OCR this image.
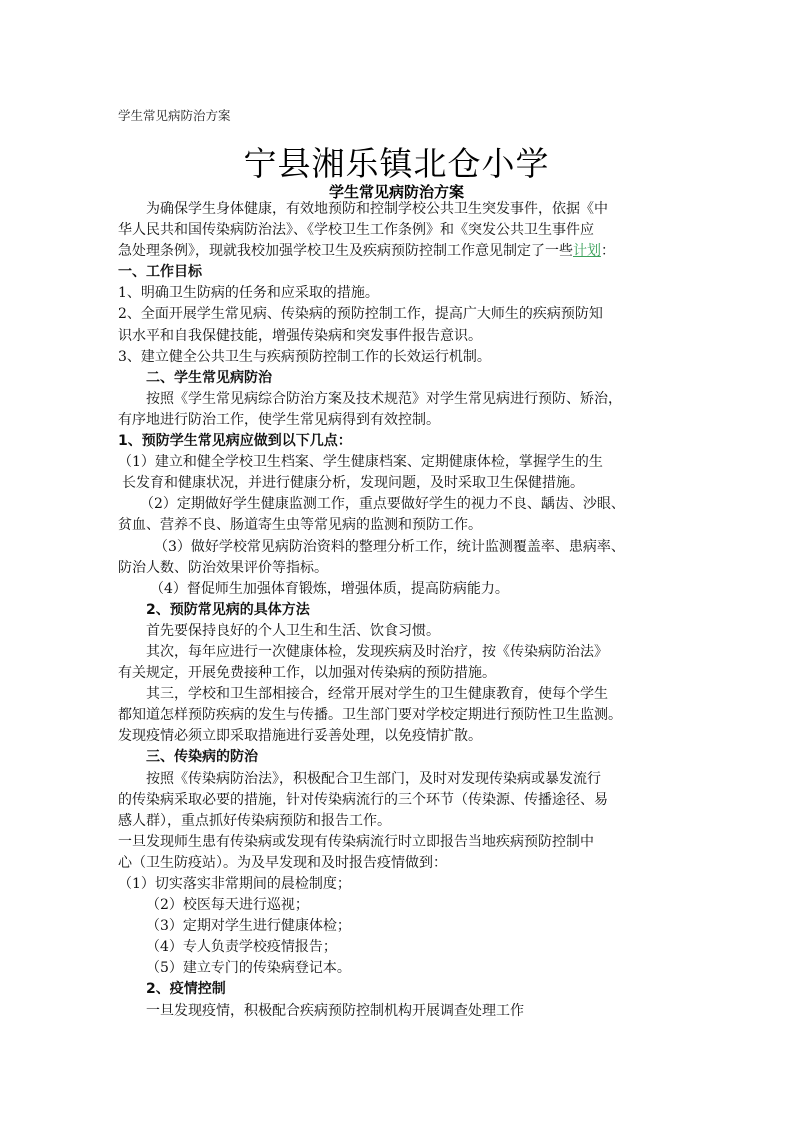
学生常见病防治方案
宁县湘乐镇北仓小学
学生常见病防治方案

为确保学生身体健康，有效地预防和控制学校公共卫生突发事件，依据《中

华人民共和国传染病防治法》、《学校卫生工作条例》和《突发公共卫生事件应

急处理条例》，现就我校加强学校卫生及疾病预防控制工作意见制定了一些计划：

一、工作目标

1、明确卫生防病的任务和应采取的措施。

2、全面开展学生常见病、传染病的预防控制工作，提高广大师生的疾病预防知

识水平和自我保健技能，增强传染病和突发事件报告意识。

3、建立健全公共卫生与疾病预防控制工作的长效运行机制。

二、学生常见病防治

按照《学生常见病综合防治方案及技术规范》对学生常见病进行预防、矫治，

有序地进行防治工作，使学生常见病得到有效控制。

1、预防学生常见病应做到以下几点：

（1）建立和健全学校卫生档案、学生健康档案、定期健康体检，掌握学生的生

长发育和健康状况，并进行健康分析，发现问题，及时采取卫生保健措施。

（2）定期做好学生健康监测工作，重点要做好学生的视力不良、龋齿、沙眼、

贫血、营养不良、肠道寄生虫等常见病的监测和预防工作。

（3）做好学校常见病防治资料的整理分析工作，统计监测覆盖率、患病率、

防治人数、防治效果评价等指标。

（4）督促师生加强体育锻炼，增强体质，提高防病能力。

2、预防常见病的具体方法

首先要保持良好的个人卫生和生活、饮食习惯。

其次，每年应进行一次健康体检，发现疾病及时治疗，按《传染病防治法》

有关规定，开展免费接种工作，以加强对传染病的预防措施。

其三，学校和卫生部相接合，经常开展对学生的卫生健康教育，使每个学生

都知道怎样预防疾病的发生与传播。卫生部门要对学校定期进行预防性卫生监测。

发现疫情必须立即采取措施进行妥善处理，以免疫情扩散。

三、传染病的防治

按照《传染病防治法》，积极配合卫生部门，及时对发现传染病或暴发流行

的传染病采取必要的措施，针对传染病流行的三个环节（传染源、传播途径、易

感人群），重点抓好传染病预防和报告工作。

一旦发现师生患有传染病或发现有传染病流行时立即报告当地疾病预防控制中

心（卫生防疫站）。为及早发现和及时报告疫情做到：

（1）切实落实非常期间的晨检制度；

（2）校医每天进行巡视；

（3）定期对学生进行健康体检；

（4）专人负责学校疫情报告；

（5）建立专门的传染病登记本。

2、疫情控制

一旦发现疫情，积极配合疾病预防控制机构开展调查处理工作
